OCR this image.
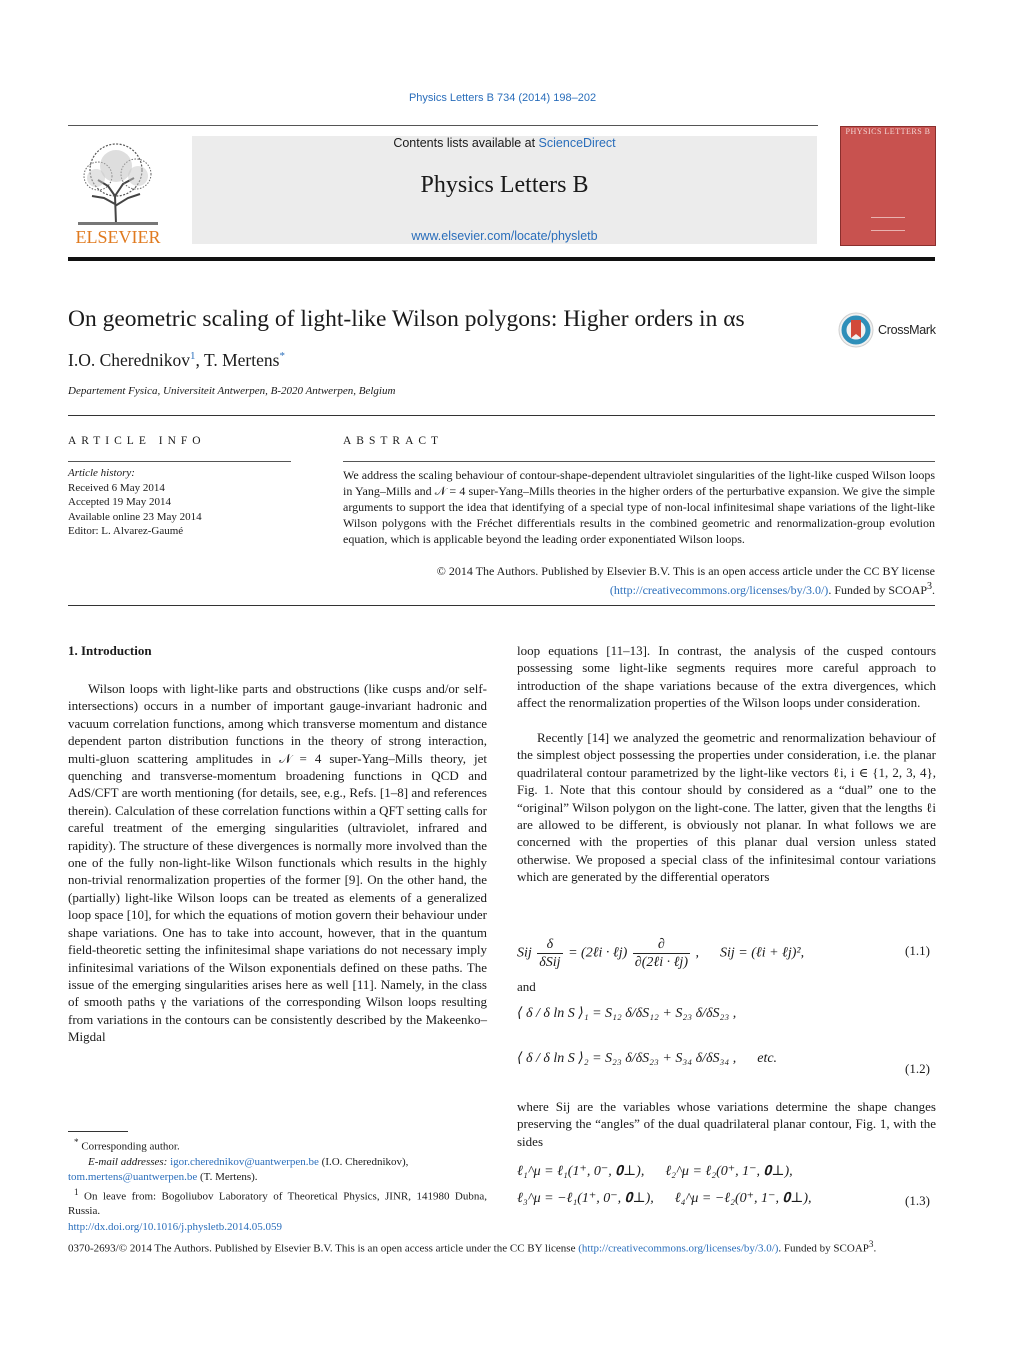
Physics Letters B 734 (2014) 198–202
ELSEVIER
Contents lists available at ScienceDirect
Physics Letters B
www.elsevier.com/locate/physletb
PHYSICS LETTERS B
On geometric scaling of light-like Wilson polygons: Higher orders in αs	CrossMark
I.O. Cherednikov$^1$, T. Mertens*
Departement Fysica, Universiteit Antwerpen, B-2020 Antwerpen, Belgium
ARTICLE INFO
Article history:
Received 6 May 2014
Accepted 19 May 2014
Available online 23 May 2014
Editor: L. Alvarez-Gaumé
ABSTRACT
We address the scaling behaviour of contour-shape-dependent ultraviolet singularities of the light-like cusped Wilson loops in Yang–Mills and 𝒩 = 4 super-Yang–Mills theories in the higher orders of the perturbative expansion. We give the simple arguments to support the idea that identifying of a special type of non-local infinitesimal shape variations of the light-like Wilson polygons with the Fréchet differentials results in the combined geometric and renormalization-group evolution equation, which is applicable beyond the leading order exponentiated Wilson loops.
© 2014 The Authors. Published by Elsevier B.V. This is an open access article under the CC BY license
(http://creativecommons.org/licenses/by/3.0/). Funded by SCOAP$^3$.
1. Introduction
Wilson loops with light-like parts and obstructions (like cusps and/or self-intersections) occurs in a number of important gauge-invariant hadronic and vacuum correlation functions, among which transverse momentum and distance dependent parton distribution functions in the theory of strong interaction, multi-gluon scattering amplitudes in 𝒩 = 4 super-Yang–Mills theory, jet quenching and transverse-momentum broadening functions in QCD and AdS/CFT are worth mentioning (for details, see, e.g., Refs. [1–8] and references therein). Calculation of these correlation functions within a QFT setting calls for careful treatment of the emerging singularities (ultraviolet, infrared and rapidity). The structure of these divergences is normally more involved than the one of the fully non-light-like Wilson functionals which results in the highly non-trivial renormalization properties of the former [9]. On the other hand, the (partially) light-like Wilson loops can be treated as elements of a generalized loop space [10], for which the equations of motion govern their behaviour under shape variations. One has to take into account, however, that in the quantum field-theoretic setting the infinitesimal shape variations do not necessary imply infinitesimal variations of the Wilson exponentials defined on these paths. The issue of the emerging singularities arises here as well [11]. Namely, in the class of smooth paths γ the variations of the corresponding Wilson loops resulting from variations in the contours can be consistently described by the Makeenko–Migdal

* Corresponding author.

E-mail addresses: igor.cherednikov@uantwerpen.be (I.O. Cherednikov),
tom.mertens@uantwerpen.be (T. Mertens).

$^1$ On leave from: Bogoliubov Laboratory of Theoretical Physics, JINR, 141980 Dubna, Russia.

loop equations [11–13]. In contrast, the analysis of the cusped contours possessing some light-like segments requires more careful approach to introduction of the shape variations because of the extra divergences, which affect the renormalization properties of the Wilson loops under consideration.
Recently [14] we analyzed the geometric and renormalization behaviour of the simplest object possessing the properties under consideration, i.e. the planar quadrilateral contour parametrized by the light-like vectors ℓi, i ∈ {1, 2, 3, 4}, Fig. 1. Note that this contour should by considered as a “dual” one to the “original” Wilson polygon on the light-cone. The latter, given that the lengths ℓi are allowed to be different, is obviously not planar. In what follows we are concerned with the properties of this planar dual version unless stated otherwise. We proposed a special class of the infinitesimal contour variations which are generated by the differential operators
Sij $\frac{\delta}{\text{δSij}}$ = (2ℓi · ℓj) $\frac{\partial}{\text{∂(2ℓi · ℓj)}}$ ,      Sij = (ℓi + ℓj)²,	(1.1)
and
⟨ δ / δ ln S ⟩₁ = S₁₂ δ/δS₁₂ + S₂₃ δ/δS₂₃ ,
⟨ δ / δ ln S ⟩₂ = S₂₃ δ/δS₂₃ + S₃₄ δ/δS₃₄ ,      etc.
(1.2)
where Sij are the variables whose variations determine the shape changes preserving the “angles” of the dual quadrilateral planar contour, Fig. 1, with the sides
ℓ₁^μ = ℓ₁(1⁺, 0⁻, 𝟎⊥),      ℓ₂^μ = ℓ₂(0⁺, 1⁻, 𝟎⊥),
ℓ₃^μ = −ℓ₁(1⁺, 0⁻, 𝟎⊥),      ℓ₄^μ = −ℓ₂(0⁺, 1⁻, 𝟎⊥),	(1.3)
http://dx.doi.org/10.1016/j.physletb.2014.05.059
0370-2693/© 2014 The Authors. Published by Elsevier B.V. This is an open access article under the CC BY license (http://creativecommons.org/licenses/by/3.0/). Funded by SCOAP$^3$.
